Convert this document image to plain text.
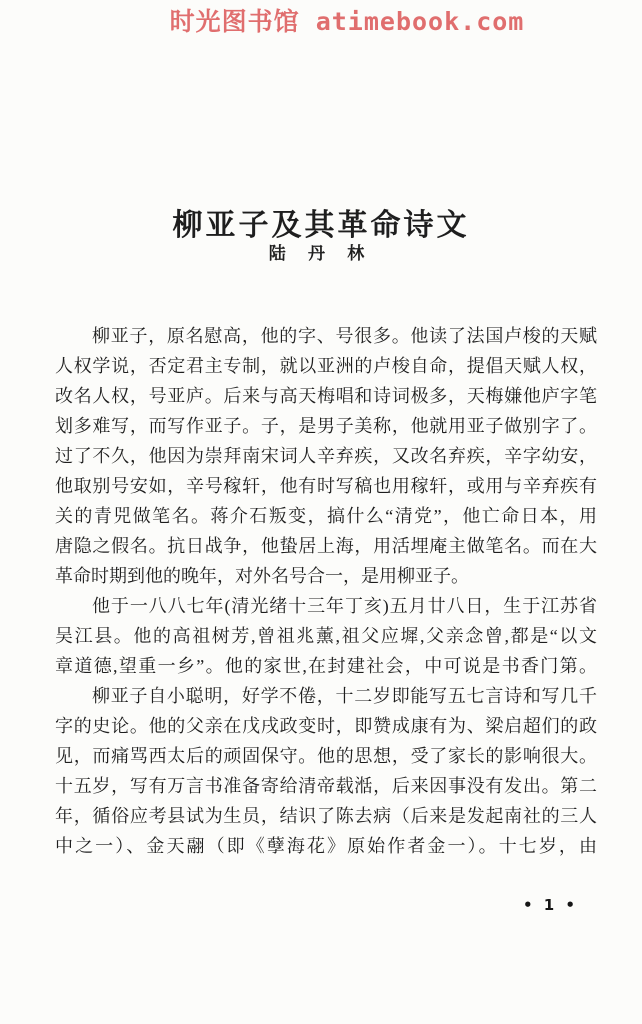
时光图书馆 atimebook.com
柳亚子及其革命诗文
陆 丹 林
柳亚子，原名慰高，他的字、号很多。他读了法国卢梭的天赋
人权学说，否定君主专制，就以亚洲的卢梭自命，提倡天赋人权，
改名人权，号亚庐。后来与高天梅唱和诗词极多，天梅嫌他庐字笔
划多难写，而写作亚子。子，是男子美称，他就用亚子做别字了。
过了不久，他因为崇拜南宋词人辛弃疾，又改名弃疾，辛字幼安，
他取别号安如，辛号稼轩，他有时写稿也用稼轩，或用与辛弃疾有
关的青兕做笔名。蒋介石叛变，搞什么“清党”，他亡命日本，用
唐隐之假名。抗日战争，他蛰居上海，用活埋庵主做笔名。而在大
革命时期到他的晚年，对外名号合一，是用柳亚子。
他于一八八七年(清光绪十三年丁亥)五月廿八日，生于江苏省
吴江县。他的高祖树芳,曾祖兆薰,祖父应墀,父亲念曾,都是“以文
章道德,望重一乡”。他的家世,在封建社会，中可说是书香门第。
柳亚子自小聪明，好学不倦，十二岁即能写五七言诗和写几千
字的史论。他的父亲在戊戌政变时，即赞成康有为、梁启超们的政
见，而痛骂西太后的顽固保守。他的思想，受了家长的影响很大。
十五岁，写有万言书准备寄给清帝载湉，后来因事没有发出。第二
年，循俗应考县试为生员，结识了陈去病（后来是发起南社的三人
中之一）、金天翮（即《孽海花》原始作者金一）。十七岁，由
• 1 •
